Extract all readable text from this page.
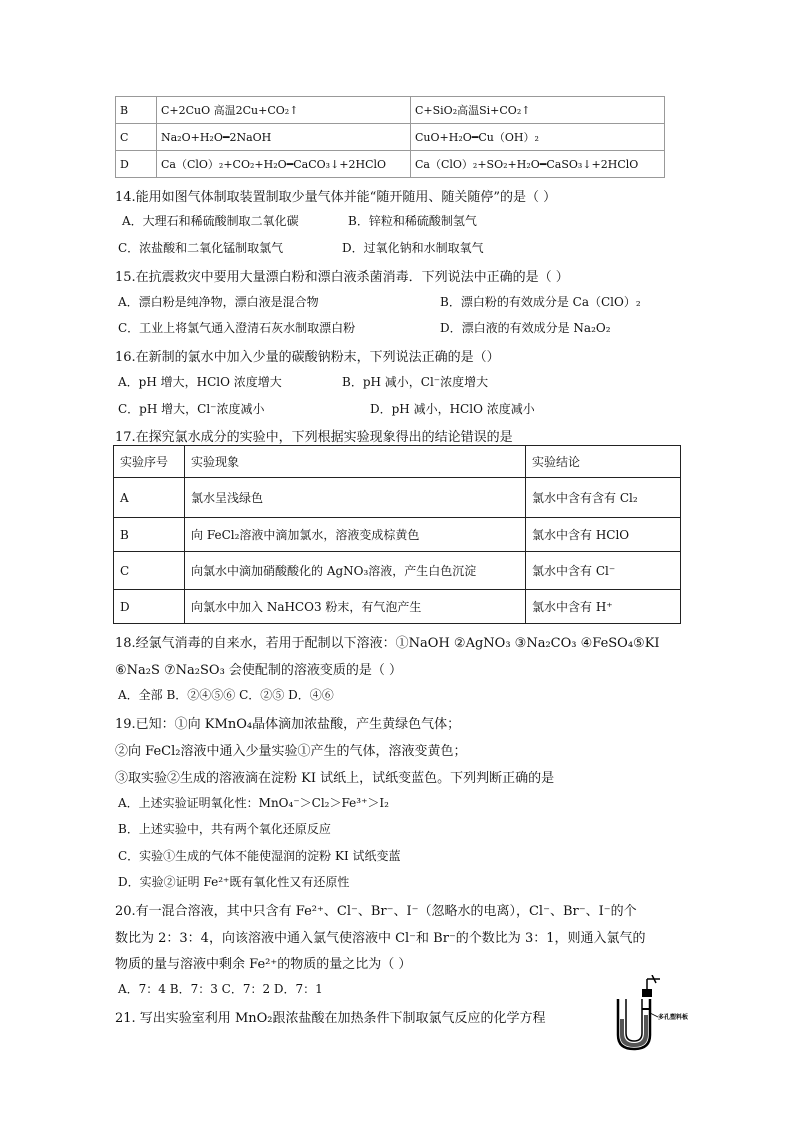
B	C+2CuO 高温2Cu+CO₂↑	C+SiO₂高温Si+CO₂↑
C	Na₂O+H₂O━2NaOH	CuO+H₂O━Cu（OH）₂
D	Ca（ClO）₂+CO₂+H₂O━CaCO₃↓+2HClO	Ca（ClO）₂+SO₂+H₂O━CaSO₃↓+2HClO
14.能用如图气体制取装置制取少量气体并能“随开随用、随关随停”的是（ ）
A．大理石和稀硫酸制取二氧化碳	B．锌粒和稀硫酸制氢气
C．浓盐酸和二氧化锰制取氯气	D．过氧化钠和水制取氧气
15.在抗震救灾中要用大量漂白粉和漂白液杀菌消毒．下列说法中正确的是（ ）
A．漂白粉是纯净物，漂白液是混合物	B．漂白粉的有效成分是 Ca（ClO）₂
C．工业上将氯气通入澄清石灰水制取漂白粉	D．漂白液的有效成分是 Na₂O₂
16.在新制的氯水中加入少量的碳酸钠粉末，下列说法正确的是（）
A．pH 增大，HClO 浓度增大	B．pH 减小，Cl⁻浓度增大
C．pH 增大，Cl⁻浓度减小	D．pH 减小，HClO 浓度减小
17.在探究氯水成分的实验中，下列根据实验现象得出的结论错误的是
实验序号	实验现象	实验结论
A	氯水呈浅绿色	氯水中含有含有 Cl₂
B	向 FeCl₂溶液中滴加氯水，溶液变成棕黄色	氯水中含有 HClO
C	向氯水中滴加硝酸酸化的 AgNO₃溶液，产生白色沉淀	氯水中含有 Cl⁻
D	向氯水中加入 NaHCO3 粉末，有气泡产生	氯水中含有 H⁺
18.经氯气消毒的自来水，若用于配制以下溶液：①NaOH ②AgNO₃ ③Na₂CO₃ ④FeSO₄⑤KI
⑥Na₂S ⑦Na₂SO₃ 会使配制的溶液变质的是（ ）
A．全部 B．②④⑤⑥ C．②⑤ D．④⑥
19.已知：①向 KMnO₄晶体滴加浓盐酸，产生黄绿色气体；
②向 FeCl₂溶液中通入少量实验①产生的气体，溶液变黄色；
③取实验②生成的溶液滴在淀粉 KI 试纸上，试纸变蓝色。下列判断正确的是
A．上述实验证明氧化性：MnO₄⁻＞Cl₂＞Fe³⁺＞I₂
B．上述实验中，共有两个氧化还原反应
C．实验①生成的气体不能使湿润的淀粉 KI 试纸变蓝
D．实验②证明 Fe²⁺既有氧化性又有还原性
20.有一混合溶液，其中只含有 Fe²⁺、Cl⁻、Br⁻、I⁻（忽略水的电离），Cl⁻、Br⁻、I⁻的个
数比为 2：3：4，向该溶液中通入氯气使溶液中 Cl⁻和 Br⁻的个数比为 3：1，则通入氯气的
物质的量与溶液中剩余 Fe²⁺的物质的量之比为（ ）
A．7：4 B．7：3 C．7：2 D．7：1
21. 写出实验室利用 MnO₂跟浓盐酸在加热条件下制取氯气反应的化学方程	多孔塑料板
